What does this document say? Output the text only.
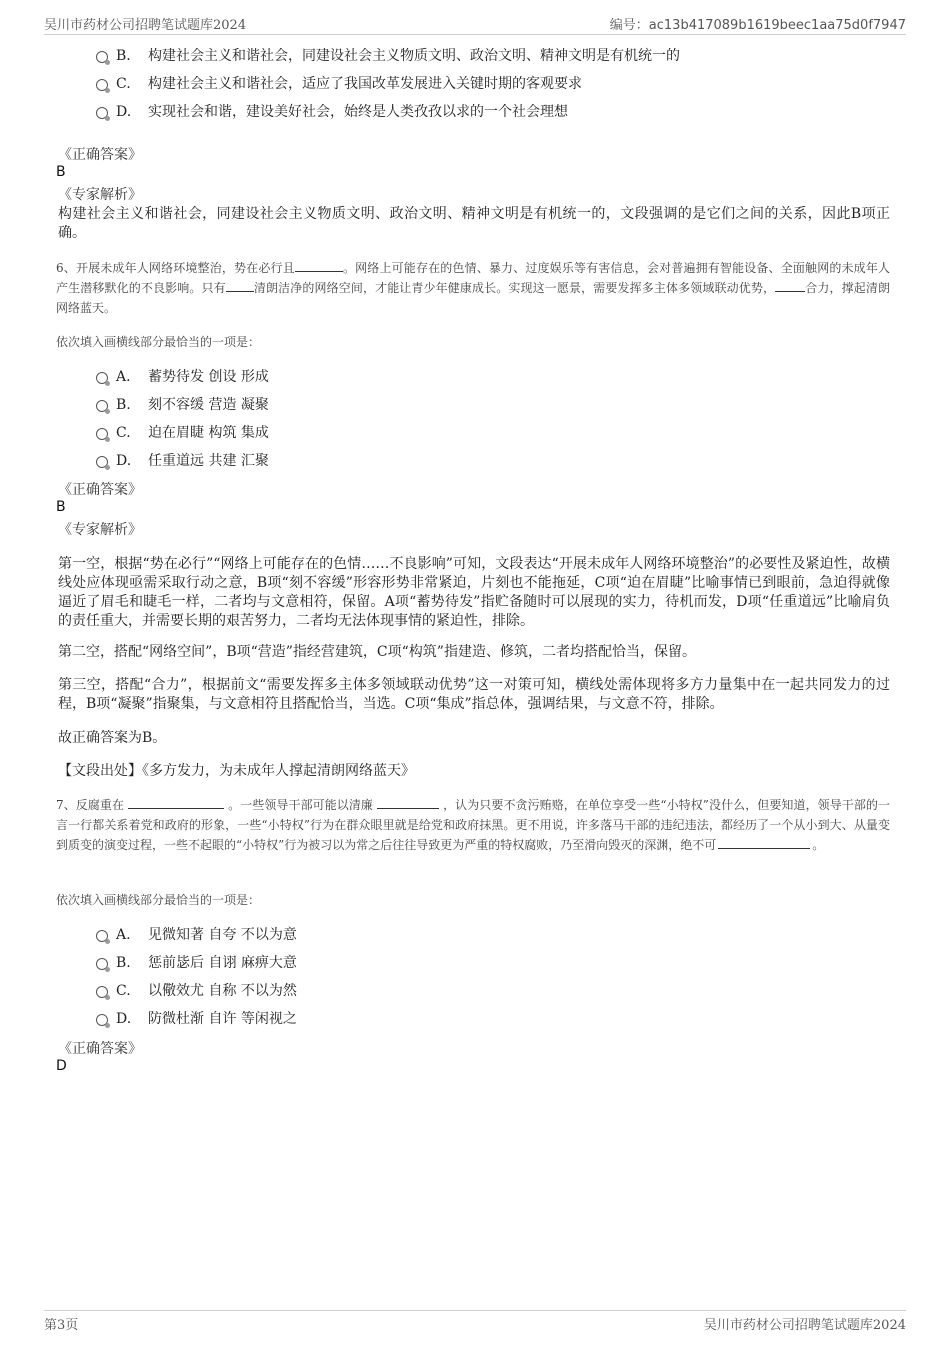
吴川市药材公司招聘笔试题库2024	编号：ac13b417089b1619beec1aa75d0f7947
B. 构建社会主义和谐社会，同建设社会主义物质文明、政治文明、精神文明是有机统一的
C. 构建社会主义和谐社会，适应了我国改革发展进入关键时期的客观要求
D. 实现社会和谐，建设美好社会，始终是人类孜孜以求的一个社会理想
《正确答案》
B
《专家解析》
构建社会主义和谐社会，同建设社会主义物质文明、政治文明、精神文明是有机统一的，文段强调的是它们之间的关系，因此B项正确。
6、开展未成年人网络环境整治，势在必行且	。网络上可能存在的色情、暴力、过度娱乐等有害信息，会对普遍拥有智能设备、全面触网的未成年人产生潜移默化的不良影响。只有 清朗洁净的网络空间，才能让青少年健康成长。实现这一愿景，需要发挥多主体多领域联动优势，	合力，撑起清朗网络蓝天。
依次填入画横线部分最恰当的一项是：
A. 蓄势待发 创设 形成
B. 刻不容缓 营造 凝聚
C. 迫在眉睫 构筑 集成
D. 任重道远 共建 汇聚
《正确答案》
B
《专家解析》
第一空，根据“势在必行”“网络上可能存在的色情……不良影响”可知，文段表达“开展未成年人网络环境整治”的必要性及紧迫性，故横线处应体现亟需采取行动之意，B项“刻不容缓”形容形势非常紧迫，片刻也不能拖延，C项“迫在眉睫”比喻事情已到眼前，急迫得就像逼近了眉毛和睫毛一样，二者均与文意相符，保留。A项“蓄势待发”指贮备随时可以展现的实力，待机而发，D项“任重道远”比喻肩负的责任重大，并需要长期的艰苦努力，二者均无法体现事情的紧迫性，排除。
第二空，搭配“网络空间”，B项“营造”指经营建筑，C项“构筑”指建造、修筑，二者均搭配恰当，保留。
第三空，搭配“合力”，根据前文“需要发挥多主体多领域联动优势”这一对策可知，横线处需体现将多方力量集中在一起共同发力的过程，B项“凝聚”指聚集，与文意相符且搭配恰当，当选。C项“集成”指总体，强调结果，与文意不符，排除。
故正确答案为B。
【文段出处】《多方发力，为未成年人撑起清朗网络蓝天》
7、反腐重在	。一些领导干部可能以清廉	，认为只要不贪污贿赂，在单位享受一些“小特权”没什么，但要知道，领导干部的一言一行都关系着党和政府的形象，一些“小特权”行为在群众眼里就是给党和政府抹黑。更不用说，许多落马干部的违纪违法，都经历了一个从小到大、从量变到质变的演变过程，一些不起眼的“小特权”行为被习以为常之后往往导致更为严重的特权腐败，乃至滑向毁灭的深渊，绝不可	。
依次填入画横线部分最恰当的一项是：
A. 见微知著 自夸 不以为意
B. 惩前毖后 自诩 麻痹大意
C. 以儆效尤 自称 不以为然
D. 防微杜渐 自许 等闲视之
《正确答案》
D
第3页	吴川市药材公司招聘笔试题库2024
